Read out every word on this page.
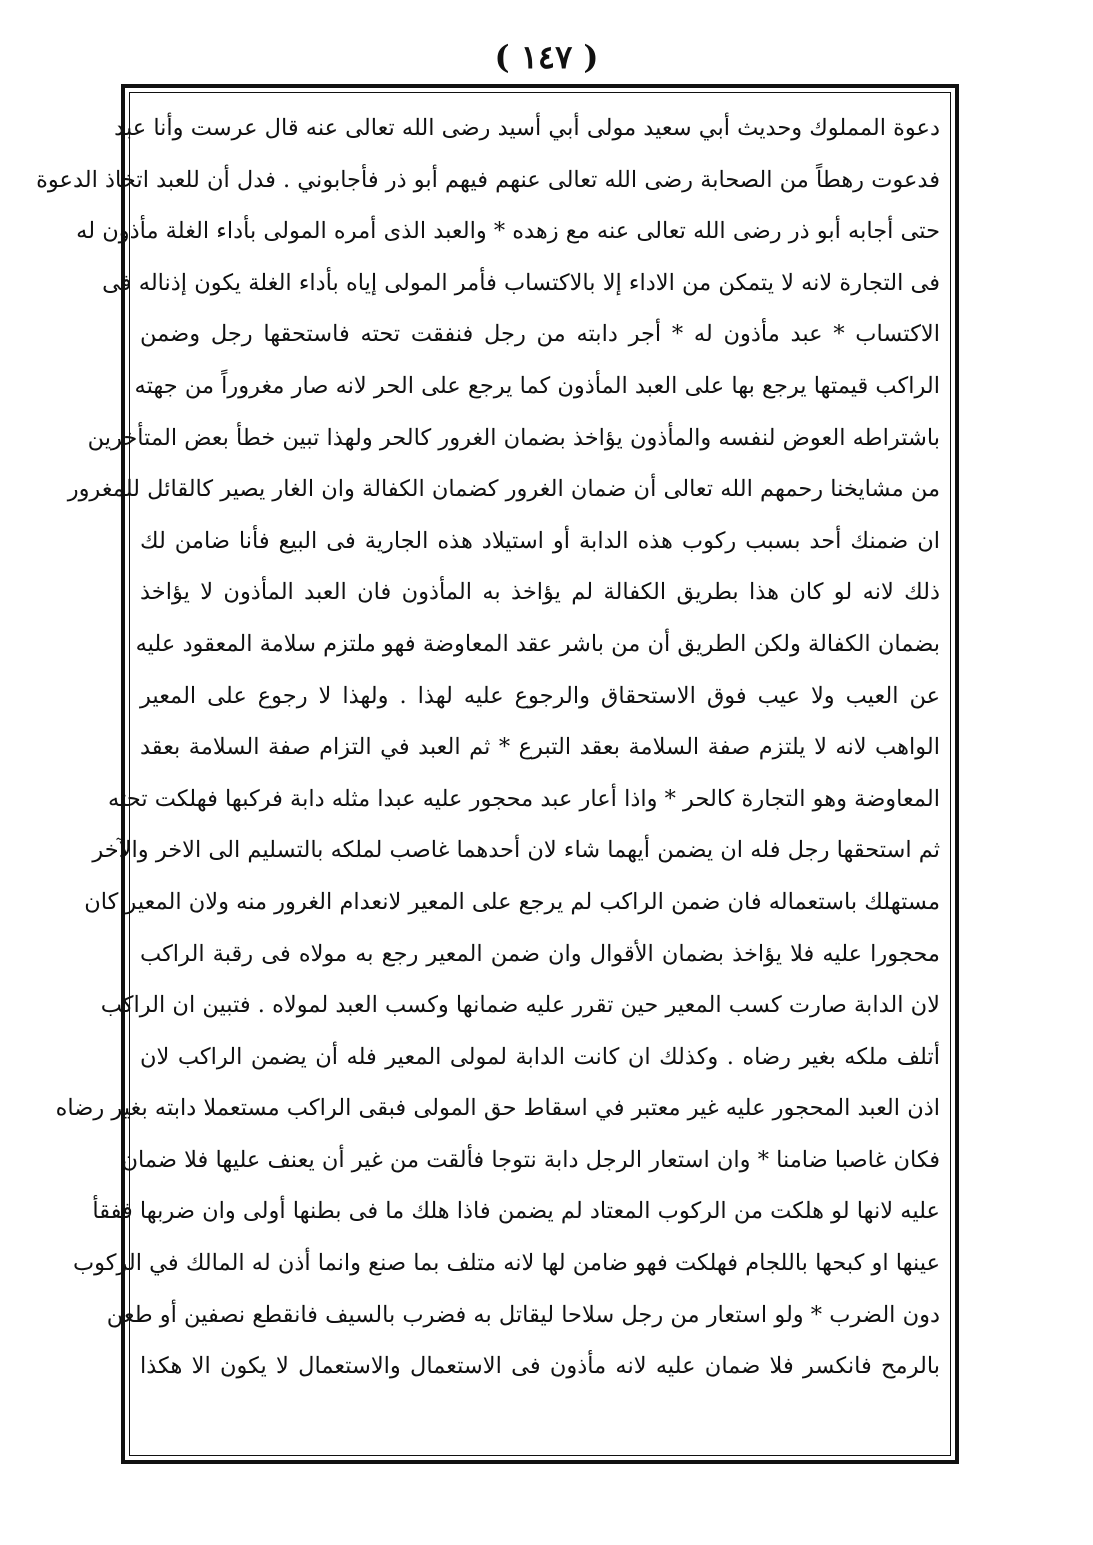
( ١٤٧ )
دعوة المملوك وحديث أبي سعيد مولى أبي أسيد رضى الله تعالى عنه قال عرست وأنا عبد
فدعوت رهطاً من الصحابة رضى الله تعالى عنهم فيهم أبو ذر فأجابوني . فدل أن للعبد اتخاذ الدعوة
حتى أجابه أبو ذر رضى الله تعالى عنه مع زهده * والعبد الذى أمره المولى بأداء الغلة مأذون له
فى التجارة لانه لا يتمكن من الاداء إلا بالاكتساب فأمر المولى إياه بأداء الغلة يكون إذناله فى
الاكتساب * عبد مأذون له * أجر دابته من رجل فنفقت تحته فاستحقها رجل وضمن
الراكب قيمتها يرجع بها على العبد المأذون كما يرجع على الحر لانه صار مغروراً من جهته
باشتراطه العوض لنفسه والمأذون يؤاخذ بضمان الغرور كالحر ولهذا تبين خطأ بعض المتأخرين
من مشايخنا رحمهم الله تعالى أن ضمان الغرور كضمان الكفالة وان الغار يصير كالقائل للمغرور
ان ضمنك أحد بسبب ركوب هذه الدابة أو استيلاد هذه الجارية فى البيع فأنا ضامن لك
ذلك لانه لو كان هذا بطريق الكفالة لم يؤاخذ به المأذون فان العبد المأذون لا يؤاخذ
بضمان الكفالة ولكن الطريق أن من باشر عقد المعاوضة فهو ملتزم سلامة المعقود عليه
عن العيب ولا عيب فوق الاستحقاق والرجوع عليه لهذا . ولهذا لا رجوع على المعير
الواهب لانه لا يلتزم صفة السلامة بعقد التبرع * ثم العبد في التزام صفة السلامة بعقد
المعاوضة وهو التجارة كالحر * واذا أعار عبد محجور عليه عبدا مثله دابة فركبها فهلكت تحته
ثم استحقها رجل فله ان يضمن أيهما شاء لان أحدهما غاصب لملكه بالتسليم الى الاخر والآخر
مستهلك باستعماله فان ضمن الراكب لم يرجع على المعير لانعدام الغرور منه ولان المعير كان
محجورا عليه فلا يؤاخذ بضمان الأقوال وان ضمن المعير رجع به مولاه فى رقبة الراكب
لان الدابة صارت كسب المعير حين تقرر عليه ضمانها وكسب العبد لمولاه . فتبين ان الراكب
أتلف ملكه بغير رضاه . وكذلك ان كانت الدابة لمولى المعير فله أن يضمن الراكب لان
اذن العبد المحجور عليه غير معتبر في اسقاط حق المولى فبقى الراكب مستعملا دابته بغير رضاه
فكان غاصبا ضامنا * وان استعار الرجل دابة نتوجا فألقت من غير أن يعنف عليها فلا ضمان
عليه لانها لو هلكت من الركوب المعتاد لم يضمن فاذا هلك ما فى بطنها أولى وان ضربها ففقأ
عينها او كبحها باللجام فهلكت فهو ضامن لها لانه متلف بما صنع وانما أذن له المالك في الركوب
دون الضرب * ولو استعار من رجل سلاحا ليقاتل به فضرب بالسيف فانقطع نصفين أو طعن
بالرمح فانكسر فلا ضمان عليه لانه مأذون فى الاستعمال والاستعمال لا يكون الا هكذا
